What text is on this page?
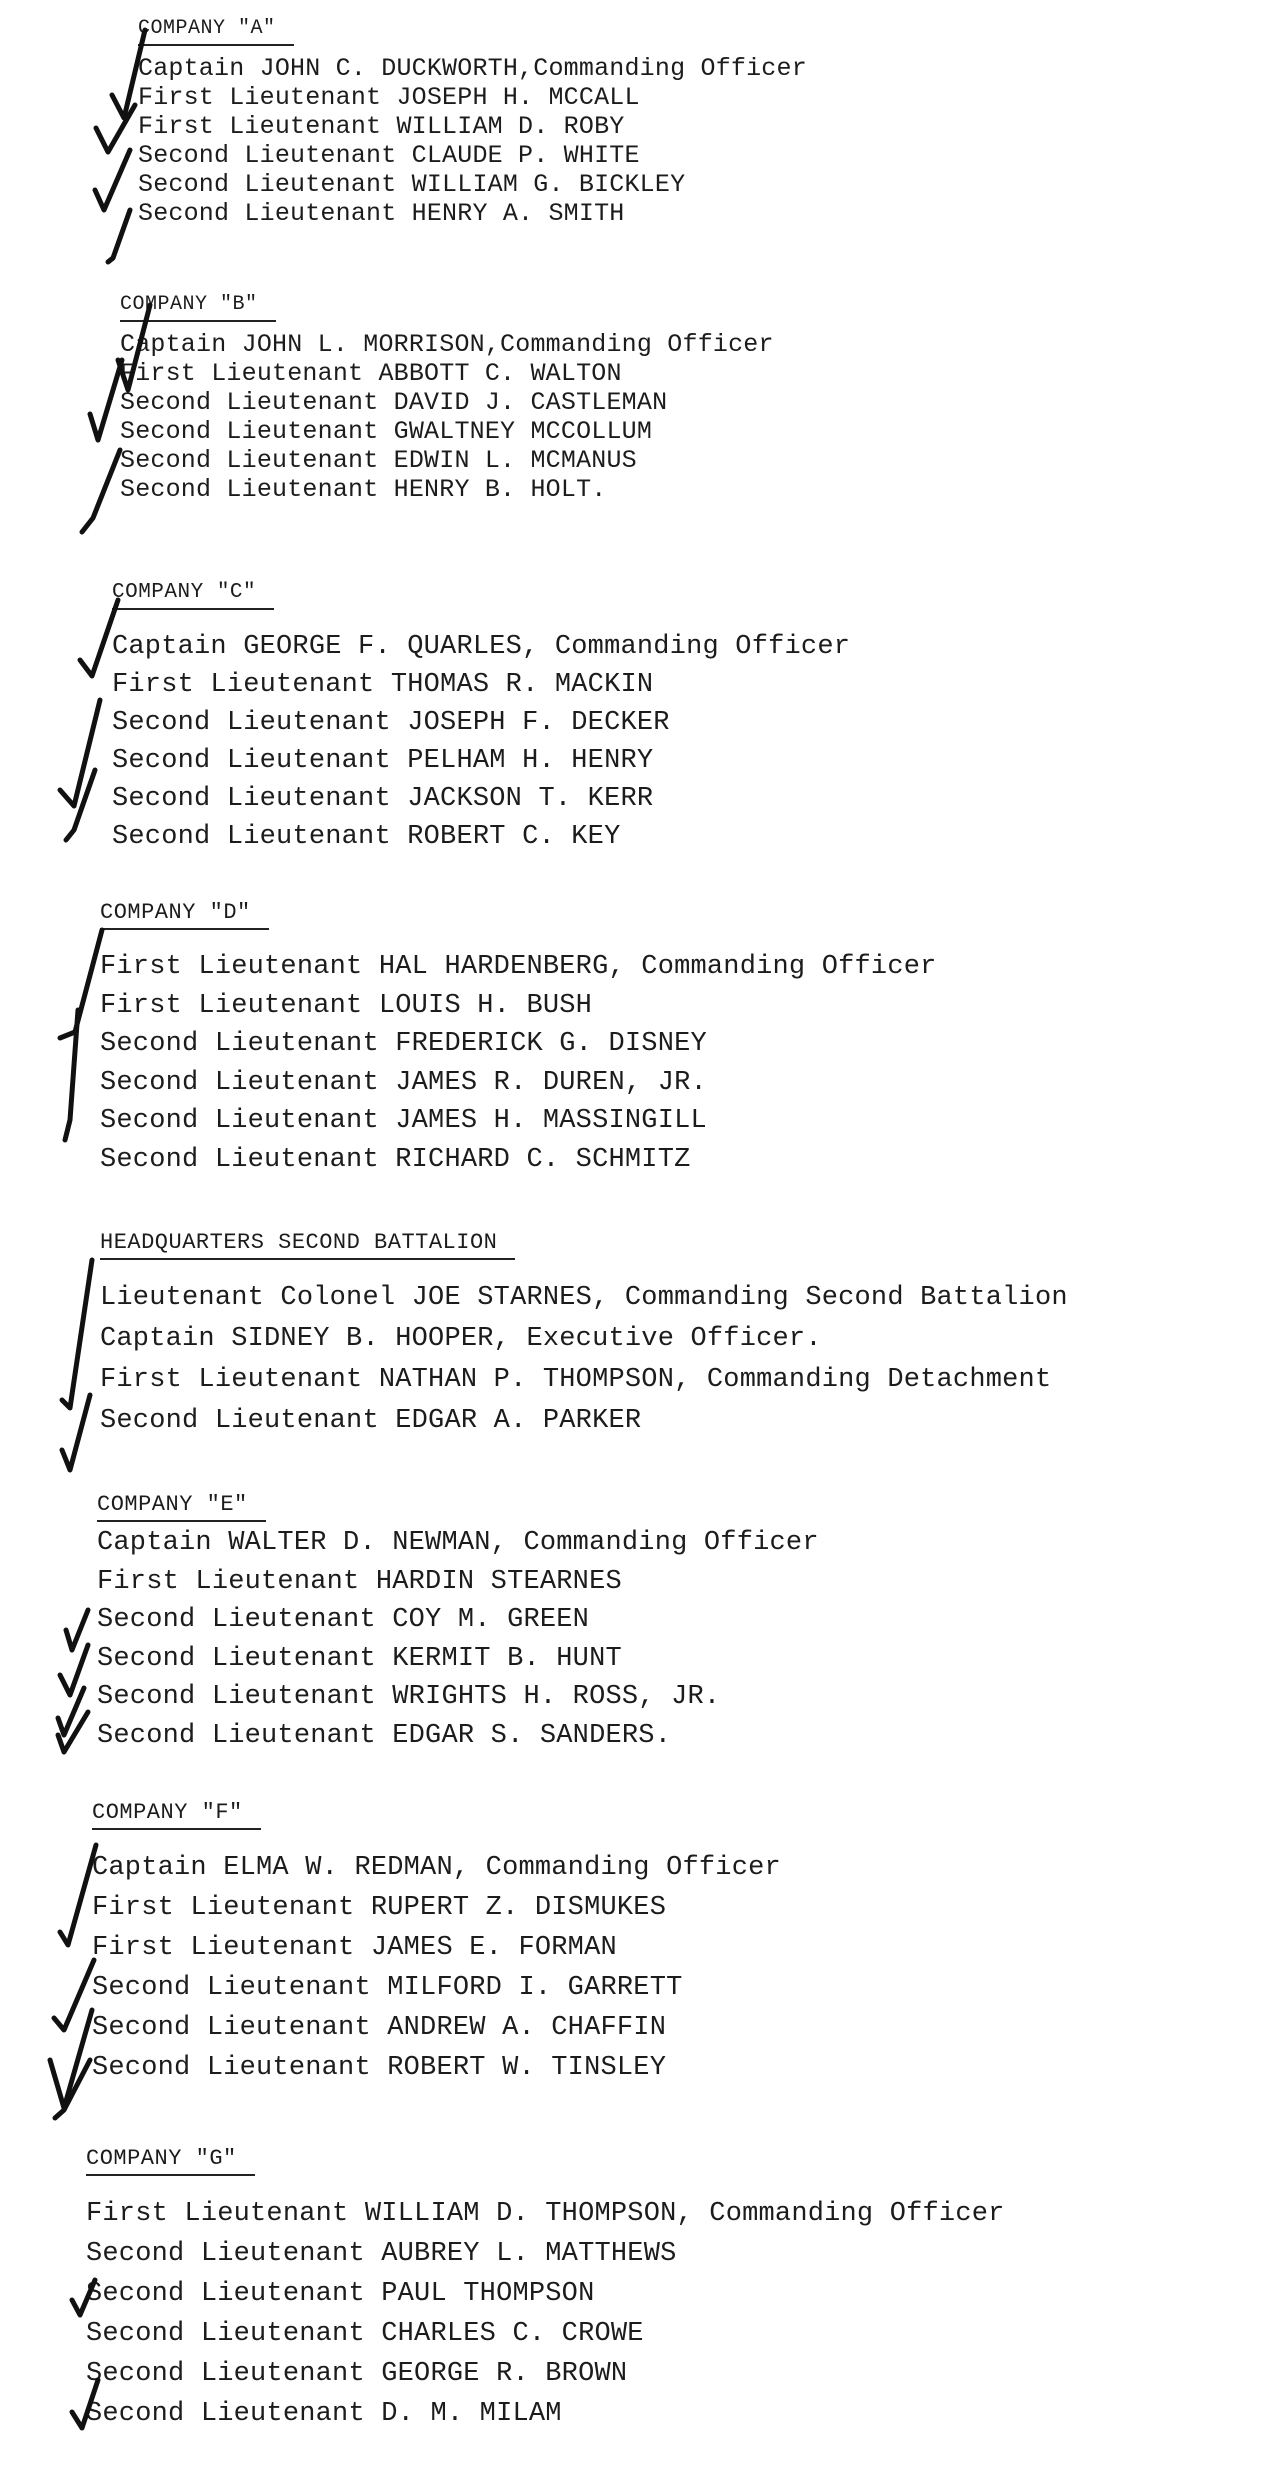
COMPANY "A"
Captain JOHN C. DUCKWORTH,Commanding Officer
First Lieutenant JOSEPH H. MCCALL
First Lieutenant WILLIAM D. ROBY
Second Lieutenant CLAUDE P. WHITE
Second Lieutenant WILLIAM G. BICKLEY
Second Lieutenant HENRY A. SMITH
COMPANY "B"
Captain JOHN L. MORRISON,Commanding Officer
First Lieutenant ABBOTT C. WALTON
Second Lieutenant DAVID J. CASTLEMAN
Second Lieutenant GWALTNEY MCCOLLUM
Second Lieutenant EDWIN L. MCMANUS
Second Lieutenant HENRY B. HOLT.
COMPANY "C"
Captain GEORGE F. QUARLES, Commanding Officer
First Lieutenant THOMAS R. MACKIN
Second Lieutenant JOSEPH F. DECKER
Second Lieutenant PELHAM H. HENRY
Second Lieutenant JACKSON T. KERR
Second Lieutenant ROBERT C. KEY
COMPANY "D"
First Lieutenant HAL HARDENBERG, Commanding Officer
First Lieutenant LOUIS H. BUSH
Second Lieutenant FREDERICK G. DISNEY
Second Lieutenant JAMES R. DUREN, JR.
Second Lieutenant JAMES H. MASSINGILL
Second Lieutenant RICHARD C. SCHMITZ
HEADQUARTERS SECOND BATTALION
Lieutenant Colonel JOE STARNES, Commanding Second Battalion
Captain SIDNEY B. HOOPER, Executive Officer.
First Lieutenant NATHAN P. THOMPSON, Commanding Detachment
Second Lieutenant EDGAR A. PARKER
COMPANY "E"
Captain WALTER D. NEWMAN, Commanding Officer
First Lieutenant HARDIN STEARNES
Second Lieutenant COY M. GREEN
Second Lieutenant KERMIT B. HUNT
Second Lieutenant WRIGHTS H. ROSS, JR.
Second Lieutenant EDGAR S. SANDERS.
COMPANY "F"
Captain ELMA W. REDMAN, Commanding Officer
First Lieutenant RUPERT Z. DISMUKES
First Lieutenant JAMES E. FORMAN
Second Lieutenant MILFORD I. GARRETT
Second Lieutenant ANDREW A. CHAFFIN
Second Lieutenant ROBERT W. TINSLEY
COMPANY "G"
First Lieutenant WILLIAM D. THOMPSON, Commanding Officer
Second Lieutenant AUBREY L. MATTHEWS
Second Lieutenant PAUL THOMPSON
Second Lieutenant CHARLES C. CROWE
Second Lieutenant GEORGE R. BROWN
Second Lieutenant D. M. MILAM
